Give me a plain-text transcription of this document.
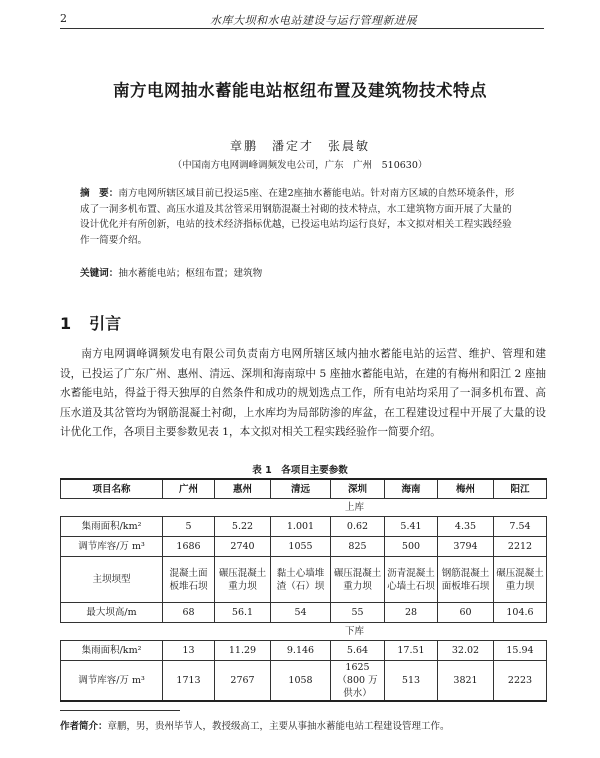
2	水库大坝和水电站建设与运行管理新进展
南方电网抽水蓄能电站枢纽布置及建筑物技术特点
章鹏　潘定才　张晨敏
（中国南方电网调峰调频发电公司，广东　广州　510630）
摘　要：南方电网所辖区域目前已投运5座、在建2座抽水蓄能电站。针对南方区域的自然环境条件，形成了一洞多机布置、高压水道及其岔管采用钢筋混凝土衬砌的技术特点，水工建筑物方面开展了大量的设计优化并有所创新，电站的技术经济指标优越，已投运电站均运行良好，本文拟对相关工程实践经验作一简要介绍。
关键词：抽水蓄能电站；枢纽布置；建筑物
1 引言
南方电网调峰调频发电有限公司负责南方电网所辖区域内抽水蓄能电站的运营、维护、管理和建设，已投运了广东广州、惠州、清远、深圳和海南琼中 5 座抽水蓄能电站，在建的有梅州和阳江 2 座抽水蓄能电站，得益于得天独厚的自然条件和成功的规划选点工作，所有电站均采用了一洞多机布置、高压水道及其岔管均为钢筋混凝土衬砌，上水库均为局部防渗的库盆，在工程建设过程中开展了大量的设计优化工作，各项目主要参数见表 1，本文拟对相关工程实践经验作一简要介绍。
表 1　各项目主要参数
项目名称	广州	惠州	清远	深圳	海南	梅州	阳江
	上库						
集雨面积/km²	5	5.22	1.001	0.62	5.41	4.35	7.54
调节库容/万 m³	1686	2740	1055	825	500	3794	2212
主坝坝型	混凝土面板堆石坝	碾压混凝土重力坝	黏土心墙堆渣（石）坝	碾压混凝土重力坝	沥青混凝土心墙土石坝	钢筋混凝土面板堆石坝	碾压混凝土重力坝
最大坝高/m	68	56.1	54	55	28	60	104.6
	下库						
集雨面积/km²	13	11.29	9.146	5.64	17.51	32.02	15.94
调节库容/万 m³	1713	2767	1058	1625（800 万供水）	513	3821	2223
作者简介：章鹏，男，贵州毕节人，教授级高工，主要从事抽水蓄能电站工程建设管理工作。
